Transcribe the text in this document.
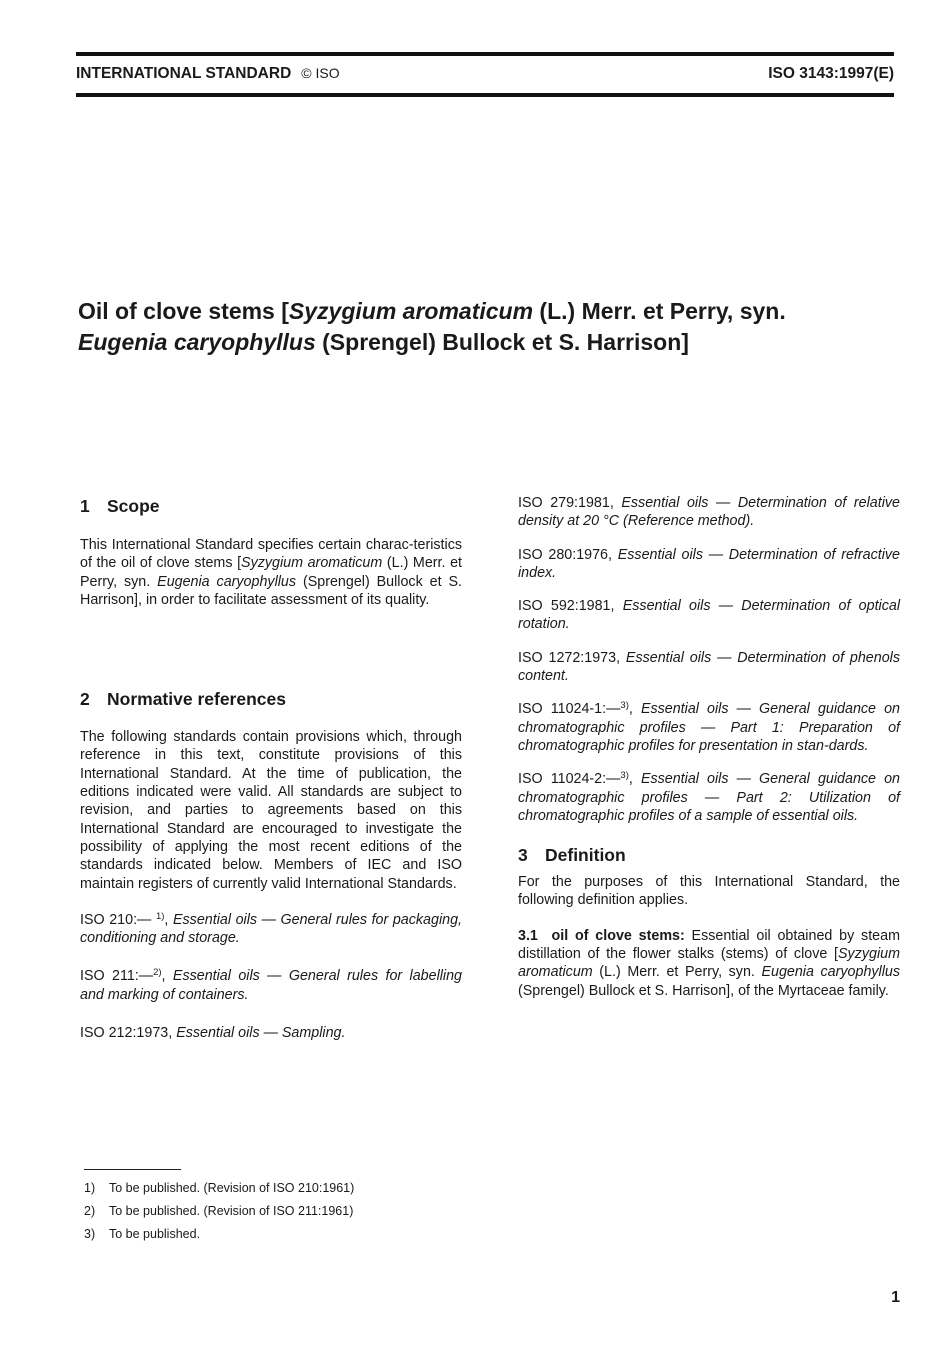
INTERNATIONAL STANDARD © ISO	ISO 3143:1997(E)
Oil of clove stems [Syzygium aromaticum (L.) Merr. et Perry, syn.
Eugenia caryophyllus (Sprengel) Bullock et S. Harrison]
1 Scope

This International Standard specifies certain charac-teristics of the oil of clove stems [Syzygium aromaticum (L.) Merr. et Perry, syn. Eugenia caryophyllus (Sprengel) Bullock et S. Harrison], in order to facilitate assessment of its quality.

2 Normative references

The following standards contain provisions which, through reference in this text, constitute provisions of this International Standard. At the time of publication, the editions indicated were valid. All standards are subject to revision, and parties to agreements based on this International Standard are encouraged to investigate the possibility of applying the most recent editions of the standards indicated below. Members of IEC and ISO maintain registers of currently valid International Standards.

ISO 210:— $^{1)}$, Essential oils — General rules for packaging, conditioning and storage.

ISO 211:—$^{2)}$, Essential oils — General rules for labelling and marking of containers.

ISO 212:1973, Essential oils — Sampling.

ISO 279:1981, Essential oils — Determination of relative density at 20 °C (Reference method).

ISO 280:1976, Essential oils — Determination of refractive index.

ISO 592:1981, Essential oils — Determination of optical rotation.

ISO 1272:1973, Essential oils — Determination of phenols content.

ISO 11024-1:—$^{3)}$, Essential oils — General guidance on chromatographic profiles — Part 1: Preparation of chromatographic profiles for presentation in stan-dards.

ISO 11024-2:—$^{3)}$, Essential oils — General guidance on chromatographic profiles — Part 2: Utilization of chromatographic profiles of a sample of essential oils.

3 Definition

For the purposes of this International Standard, the following definition applies.

3.1 oil of clove stems: Essential oil obtained by steam distillation of the flower stalks (stems) of clove [Syzygium aromaticum (L.) Merr. et Perry, syn. Eugenia caryophyllus (Sprengel) Bullock et S. Harrison], of the Myrtaceae family.

1) To be published. (Revision of ISO 210:1961)
2) To be published. (Revision of ISO 211:1961)
3) To be published.
1
